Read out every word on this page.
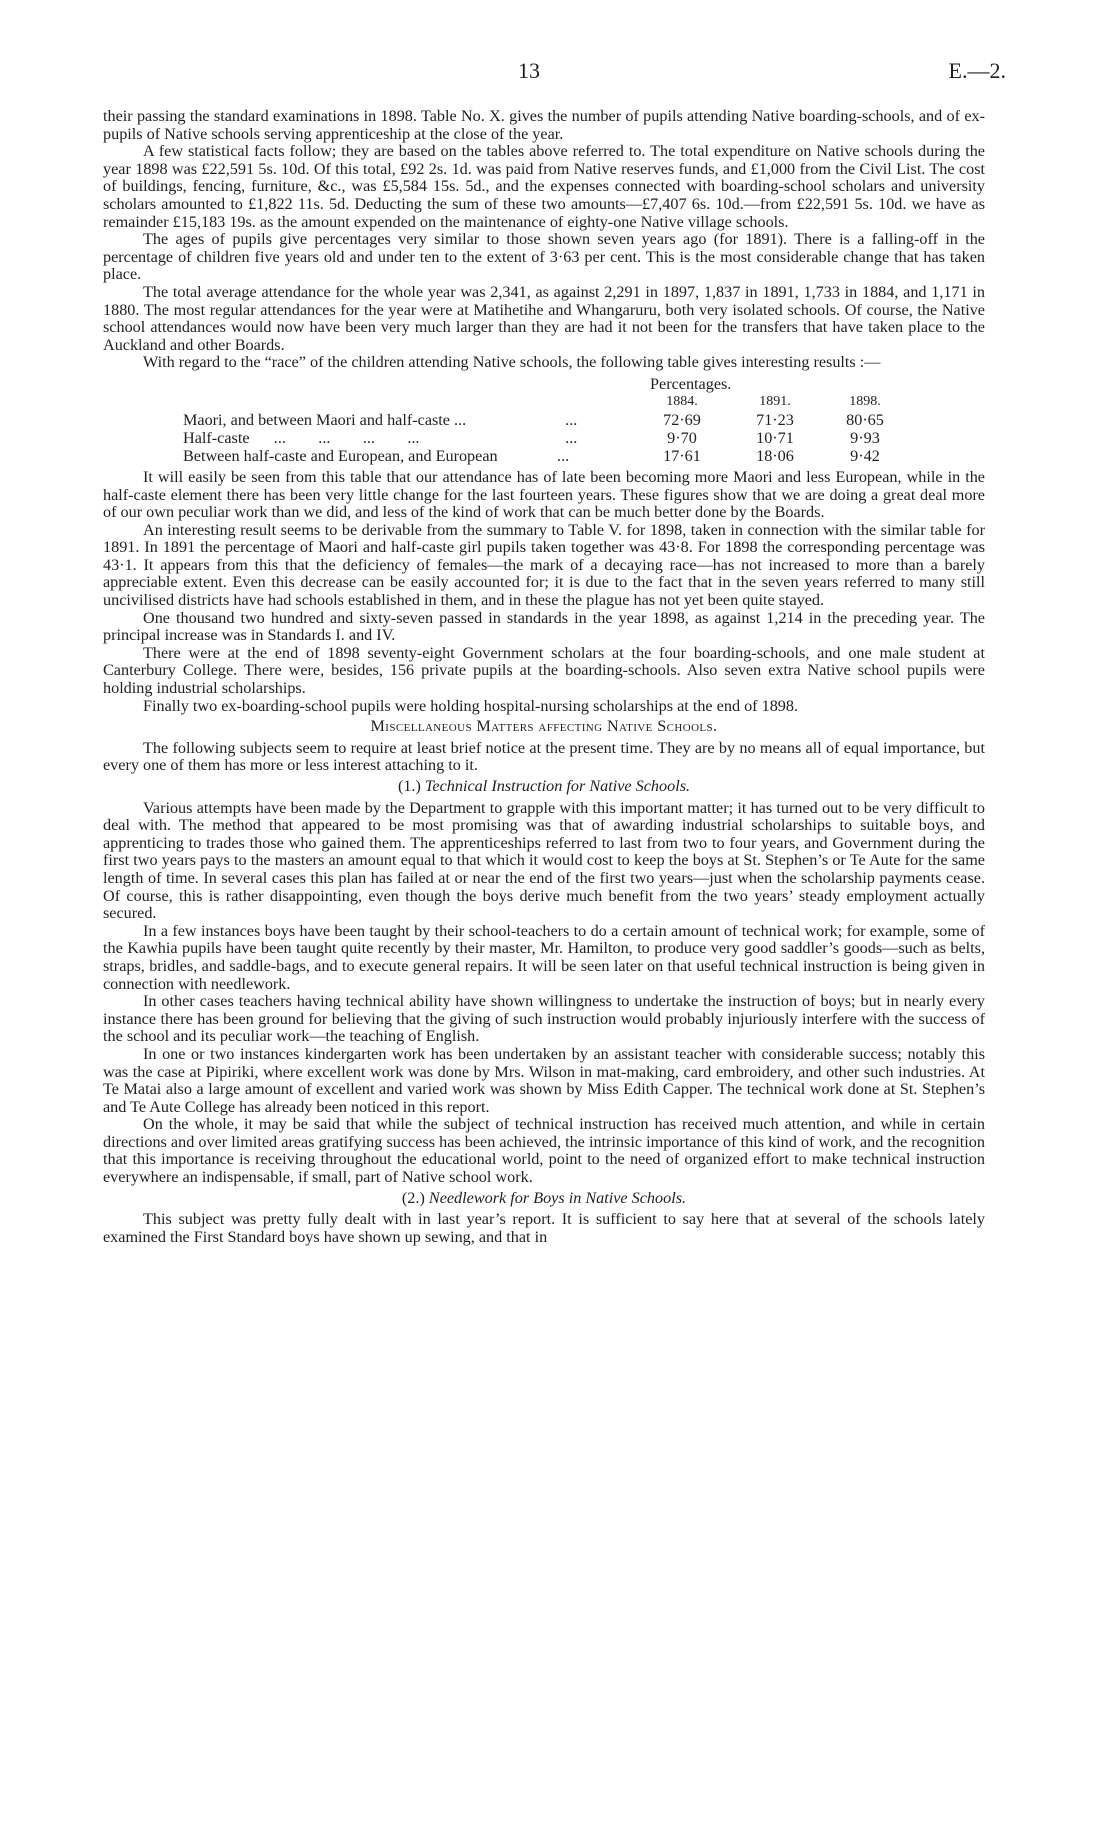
13	E.—2.

their passing the standard examinations in 1898. Table No. X. gives the number of pupils attending Native boarding-schools, and of ex-pupils of Native schools serving apprenticeship at the close of the year.

A few statistical facts follow; they are based on the tables above referred to. The total expenditure on Native schools during the year 1898 was £22,591 5s. 10d. Of this total, £92 2s. 1d. was paid from Native reserves funds, and £1,000 from the Civil List. The cost of buildings, fencing, furniture, &c., was £5,584 15s. 5d., and the expenses connected with boarding-school scholars and university scholars amounted to £1,822 11s. 5d. Deducting the sum of these two amounts—£7,407 6s. 10d.—from £22,591 5s. 10d. we have as remainder £15,183 19s. as the amount expended on the maintenance of eighty-one Native village schools.

The ages of pupils give percentages very similar to those shown seven years ago (for 1891). There is a falling-off in the percentage of children five years old and under ten to the extent of 3·63 per cent. This is the most considerable change that has taken place.

The total average attendance for the whole year was 2,341, as against 2,291 in 1897, 1,837 in 1891, 1,733 in 1884, and 1,171 in 1880. The most regular attendances for the year were at Matihetihe and Whangaruru, both very isolated schools. Of course, the Native school attendances would now have been very much larger than they are had it not been for the transfers that have taken place to the Auckland and other Boards.

With regard to the “race” of the children attending Native schools, the following table gives interesting results :—

Percentages.
1884.	1891.	1898.
Maori, and between Maori and half-caste ...	...	72·69	71·23	80·65
Half-caste      ...        ...        ...        ...	...	9·70	10·71	9·93
Between half-caste and European, and European	...	17·61	18·06	9·42

It will easily be seen from this table that our attendance has of late been becoming more Maori and less European, while in the half-caste element there has been very little change for the last fourteen years. These figures show that we are doing a great deal more of our own peculiar work than we did, and less of the kind of work that can be much better done by the Boards.

An interesting result seems to be derivable from the summary to Table V. for 1898, taken in connection with the similar table for 1891. In 1891 the percentage of Maori and half-caste girl pupils taken together was 43·8. For 1898 the corresponding percentage was 43·1. It appears from this that the deficiency of females—the mark of a decaying race—has not increased to more than a barely appreciable extent. Even this decrease can be easily accounted for; it is due to the fact that in the seven years referred to many still uncivilised districts have had schools established in them, and in these the plague has not yet been quite stayed.

One thousand two hundred and sixty-seven passed in standards in the year 1898, as against 1,214 in the preceding year. The principal increase was in Standards I. and IV.

There were at the end of 1898 seventy-eight Government scholars at the four boarding-schools, and one male student at Canterbury College. There were, besides, 156 private pupils at the boarding-schools. Also seven extra Native school pupils were holding industrial scholarships.

Finally two ex-boarding-school pupils were holding hospital-nursing scholarships at the end of 1898.

Miscellaneous Matters affecting Native Schools.

The following subjects seem to require at least brief notice at the present time. They are by no means all of equal importance, but every one of them has more or less interest attaching to it.

(1.) Technical Instruction for Native Schools.

Various attempts have been made by the Department to grapple with this important matter; it has turned out to be very difficult to deal with. The method that appeared to be most promising was that of awarding industrial scholarships to suitable boys, and apprenticing to trades those who gained them. The apprenticeships referred to last from two to four years, and Government during the first two years pays to the masters an amount equal to that which it would cost to keep the boys at St. Stephen’s or Te Aute for the same length of time. In several cases this plan has failed at or near the end of the first two years—just when the scholarship payments cease. Of course, this is rather disappointing, even though the boys derive much benefit from the two years’ steady employment actually secured.

In a few instances boys have been taught by their school-teachers to do a certain amount of technical work; for example, some of the Kawhia pupils have been taught quite recently by their master, Mr. Hamilton, to produce very good saddler’s goods—such as belts, straps, bridles, and saddle-bags, and to execute general repairs. It will be seen later on that useful technical instruction is being given in connection with needlework.

In other cases teachers having technical ability have shown willingness to undertake the instruction of boys; but in nearly every instance there has been ground for believing that the giving of such instruction would probably injuriously interfere with the success of the school and its peculiar work—the teaching of English.

In one or two instances kindergarten work has been undertaken by an assistant teacher with considerable success; notably this was the case at Pipiriki, where excellent work was done by Mrs. Wilson in mat-making, card embroidery, and other such industries. At Te Matai also a large amount of excellent and varied work was shown by Miss Edith Capper. The technical work done at St. Stephen’s and Te Aute College has already been noticed in this report.

On the whole, it may be said that while the subject of technical instruction has received much attention, and while in certain directions and over limited areas gratifying success has been achieved, the intrinsic importance of this kind of work, and the recognition that this importance is receiving throughout the educational world, point to the need of organized effort to make technical instruction everywhere an indispensable, if small, part of Native school work.

(2.) Needlework for Boys in Native Schools.

This subject was pretty fully dealt with in last year’s report. It is sufficient to say here that at several of the schools lately examined the First Standard boys have shown up sewing, and that in
